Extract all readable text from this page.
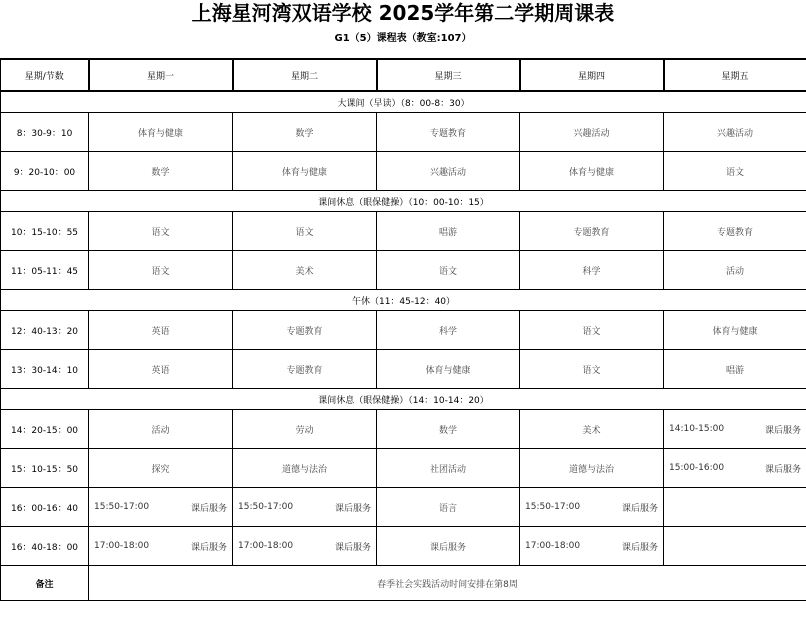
上海星河湾双语学校 2025学年第二学期周课表
G1（5）课程表（教室:107）
星期/节数	星期一	星期二	星期三	星期四	星期五
大课间（早读）（8：00-8：30）					
8：30-9：10	体育与健康	数学	专题教育	兴趣活动	兴趣活动
9：20-10：00	数学	体育与健康	兴趣活动	体育与健康	语文
课间休息（眼保健操）（10：00-10：15）					
10：15-10：55	语文	语文	唱游	专题教育	专题教育
11：05-11：45	语文	美术	语文	科学	活动
午休（11：45-12：40）					
12：40-13：20	英语	专题教育	科学	语文	体育与健康
13：30-14：10	英语	专题教育	体育与健康	语文	唱游
课间休息（眼保健操）（14：10-14：20）					
14：20-15：00	活动	劳动	数学	美术	14:10-15:00 课后服务

15：10-15：50	探究	道德与法治	社团活动	道德与法治	15:00-16:00 课后服务

16：00-16：40	15:50-17:00 课后服务	15:50-17:00 课后服务	语言	15:50-17:00 课后服务	

16：40-18：00	17:00-18:00 课后服务	17:00-18:00 课后服务	课后服务	17:00-18:00 课后服务	

备注	春季社会实践活动时间安排在第8周				
